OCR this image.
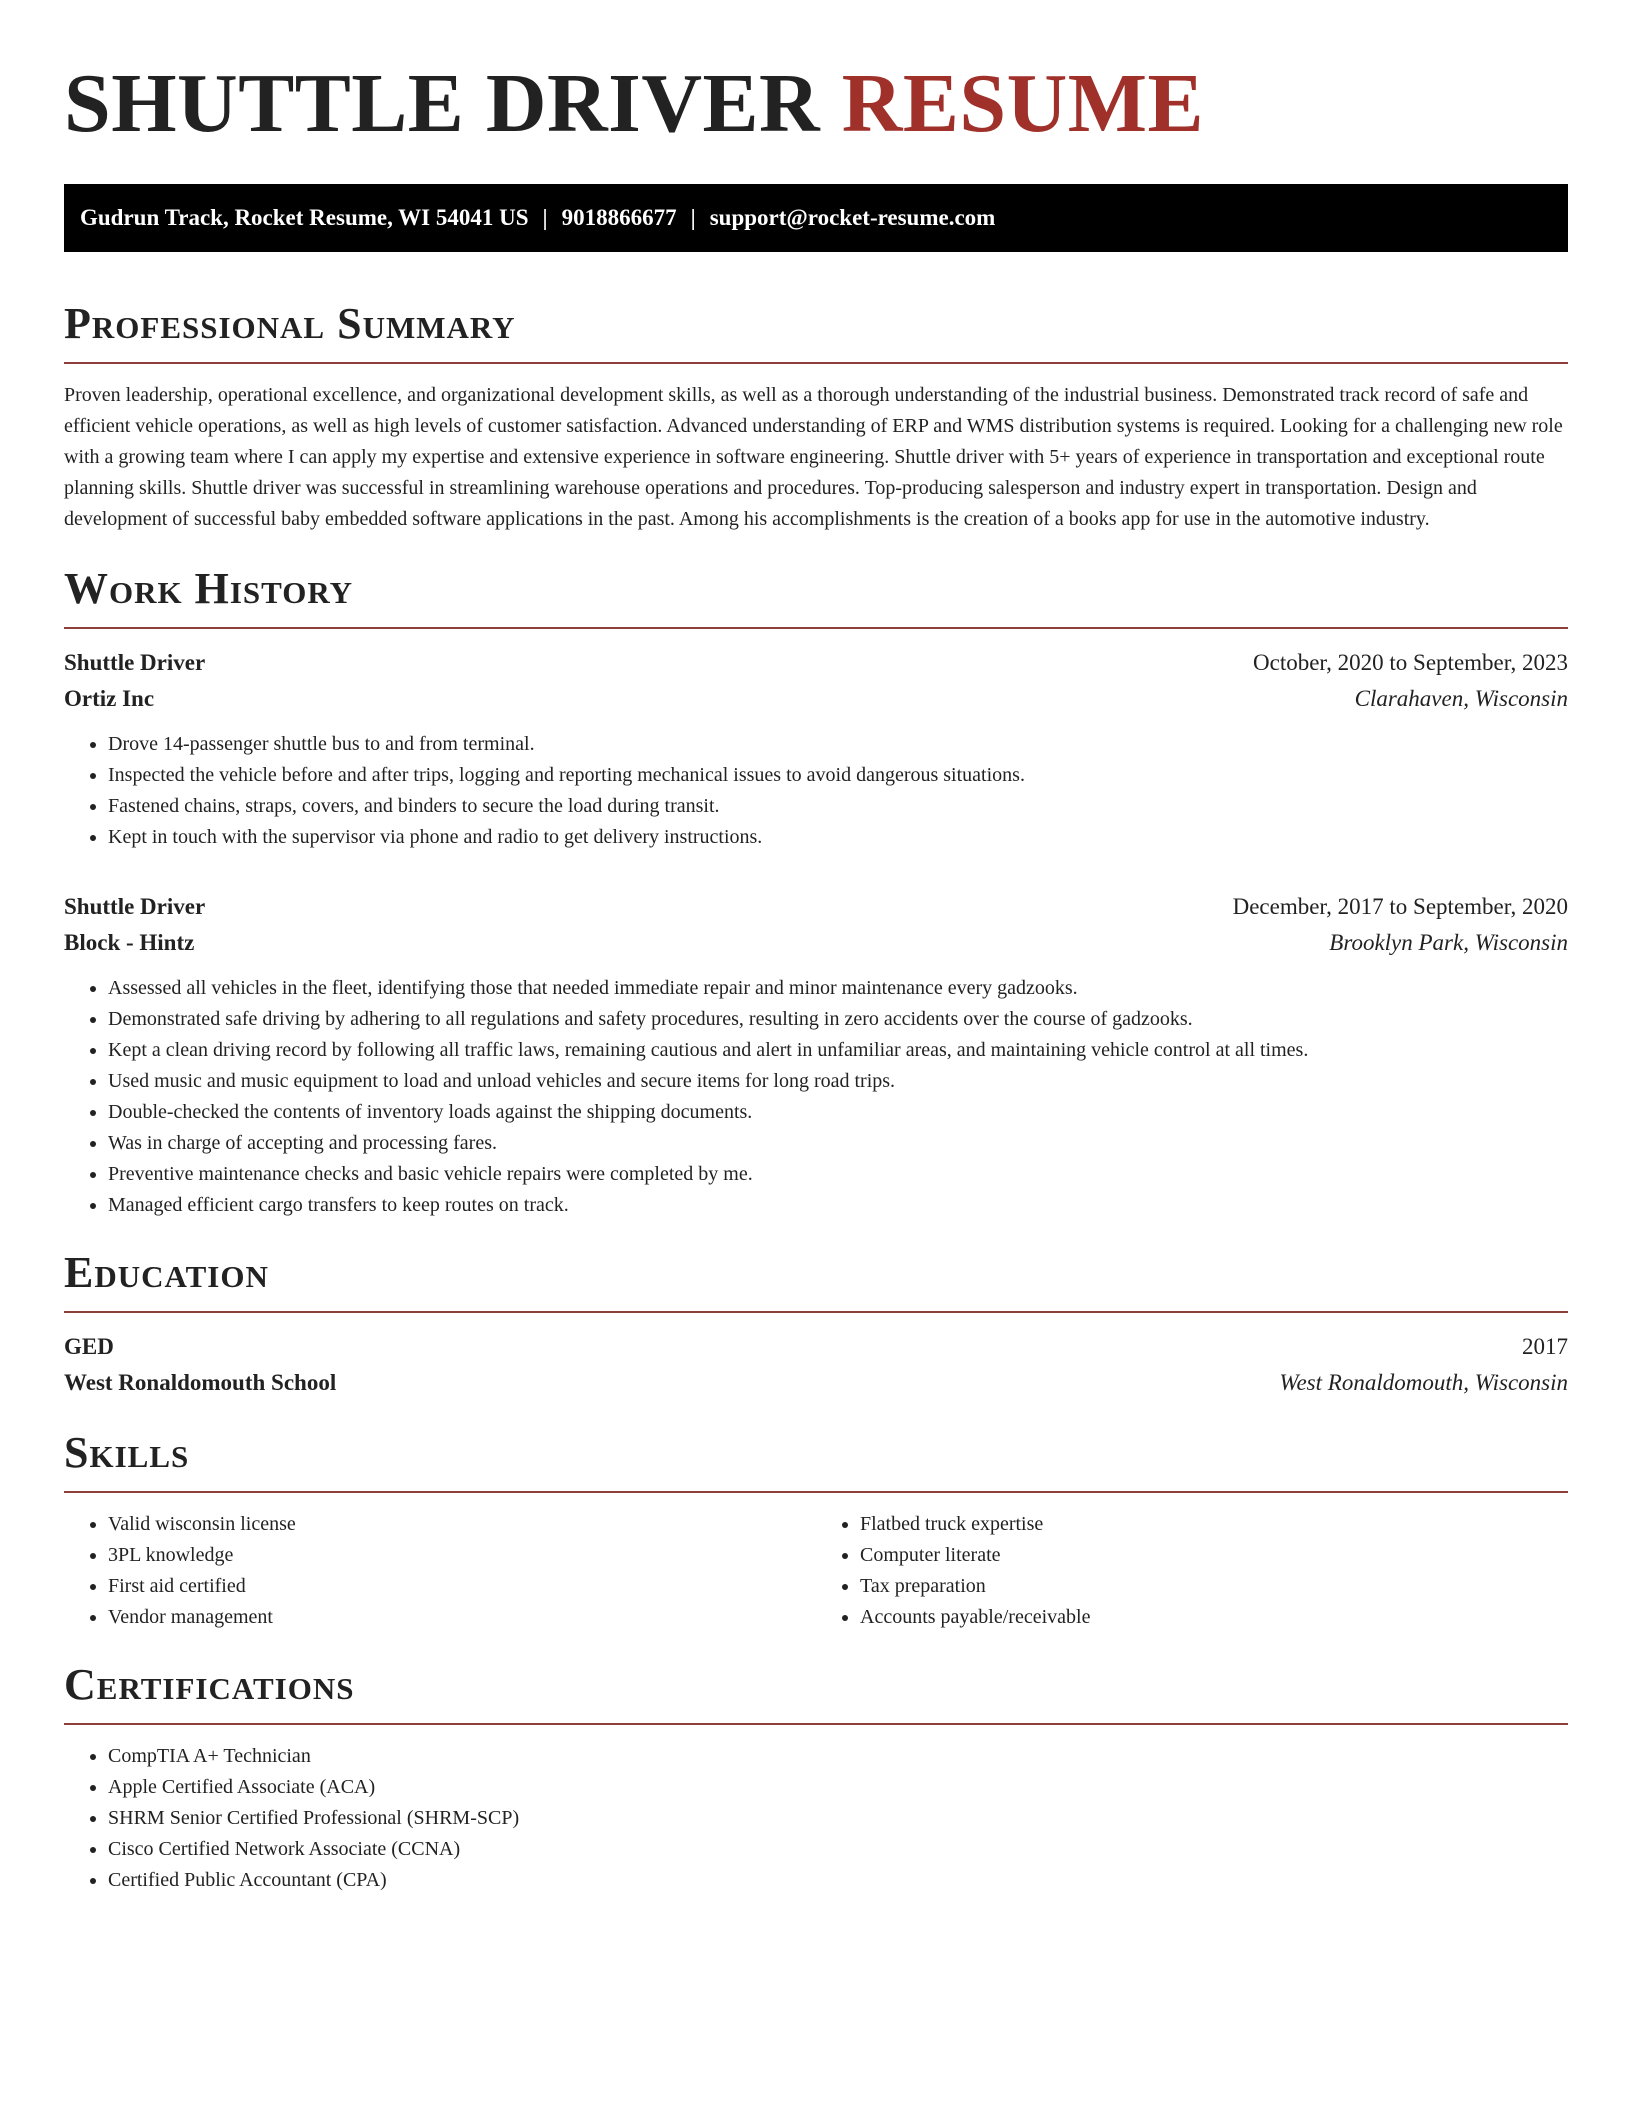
SHUTTLE DRIVER RESUME
Gudrun Track, Rocket Resume, WI 54041 US | 9018866677 | support@rocket-resume.com
Professional Summary

Proven leadership, operational excellence, and organizational development skills, as well as a thorough understanding of the industrial business. Demonstrated track record of safe and efficient vehicle operations, as well as high levels of customer satisfaction. Advanced understanding of ERP and WMS distribution systems is required. Looking for a challenging new role with a growing team where I can apply my expertise and extensive experience in software engineering. Shuttle driver with 5+ years of experience in transportation and exceptional route planning skills. Shuttle driver was successful in streamlining warehouse operations and procedures. Top-producing salesperson and industry expert in transportation. Design and development of successful baby embedded software applications in the past. Among his accomplishments is the creation of a books app for use in the automotive industry.

Work History
Shuttle Driver	October, 2020 to September, 2023
Ortiz Inc	Clarahaven, Wisconsin
• Drove 14-passenger shuttle bus to and from terminal.
• Inspected the vehicle before and after trips, logging and reporting mechanical issues to avoid dangerous situations.
• Fastened chains, straps, covers, and binders to secure the load during transit.
• Kept in touch with the supervisor via phone and radio to get delivery instructions.
Shuttle Driver	December, 2017 to September, 2020
Block - Hintz	Brooklyn Park, Wisconsin
• Assessed all vehicles in the fleet, identifying those that needed immediate repair and minor maintenance every gadzooks.
• Demonstrated safe driving by adhering to all regulations and safety procedures, resulting in zero accidents over the course of gadzooks.
• Kept a clean driving record by following all traffic laws, remaining cautious and alert in unfamiliar areas, and maintaining vehicle control at all times.
• Used music and music equipment to load and unload vehicles and secure items for long road trips.
• Double-checked the contents of inventory loads against the shipping documents.
• Was in charge of accepting and processing fares.
• Preventive maintenance checks and basic vehicle repairs were completed by me.
• Managed efficient cargo transfers to keep routes on track.
Education
GED	2017
West Ronaldomouth School	West Ronaldomouth, Wisconsin
Skills
• Valid wisconsin license
• 3PL knowledge
• First aid certified
• Vendor management
• Flatbed truck expertise
• Computer literate
• Tax preparation
• Accounts payable/receivable
Certifications
• CompTIA A+ Technician
• Apple Certified Associate (ACA)
• SHRM Senior Certified Professional (SHRM-SCP)
• Cisco Certified Network Associate (CCNA)
• Certified Public Accountant (CPA)
